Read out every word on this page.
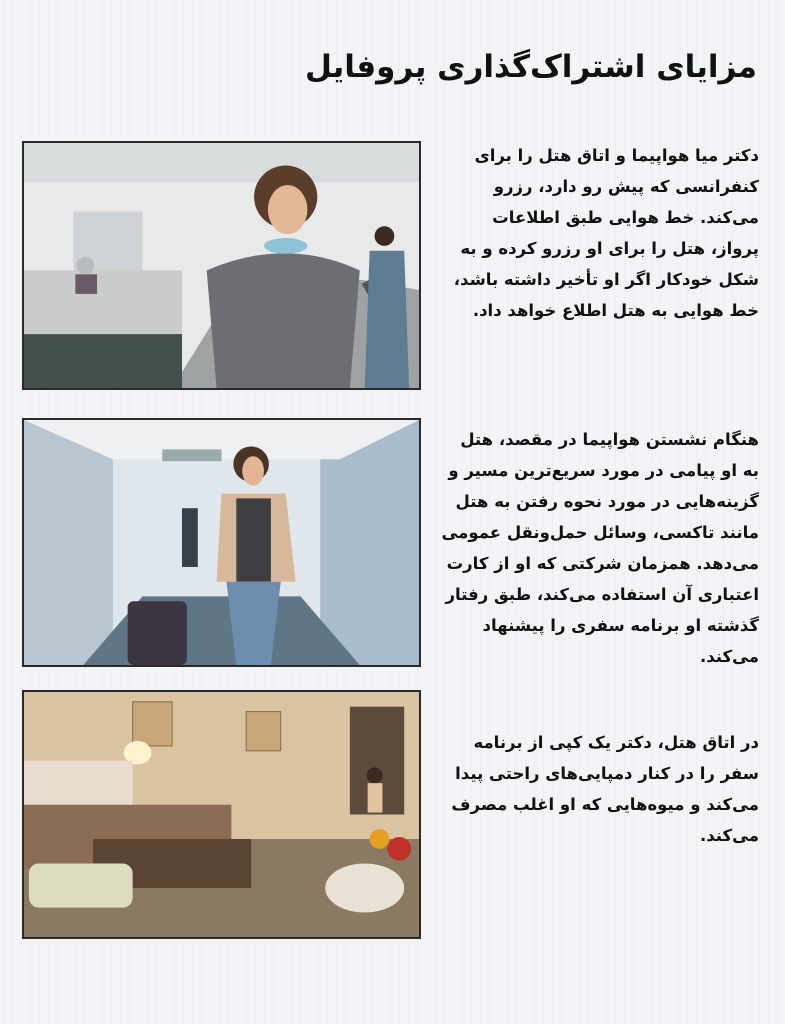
مزایای اشتراک‌گذاری پروفایل

دکتر میا هواپیما و اتاق هتل را برای کنفرانسی که پیش رو دارد، رزرو می‌کند. خط هوایی طبق اطلاعات پرواز، هتل را برای او رزرو کرده و به شکل خودکار اگر او تأخیر داشته باشد، خط هوایی به هتل اطلاع خواهد داد.

هنگام نشستن هواپیما در مقصد، هتل به او پیامی در مورد سریع‌ترین مسیر و گزینه‌هایی در مورد نحوه رفتن به هتل مانند تاکسی، وسائل حمل‌ونقل عمومی می‌دهد. همزمان شرکتی که او از کارت اعتباری آن استفاده می‌کند، طبق رفتار گذشته او برنامه سفری را پیشنهاد می‌کند.

در اتاق هتل، دکتر یک کپی از برنامه سفر را در کنار دمپایی‌های راحتی پیدا می‌کند و میوه‌هایی که او اغلب مصرف می‌کند.
